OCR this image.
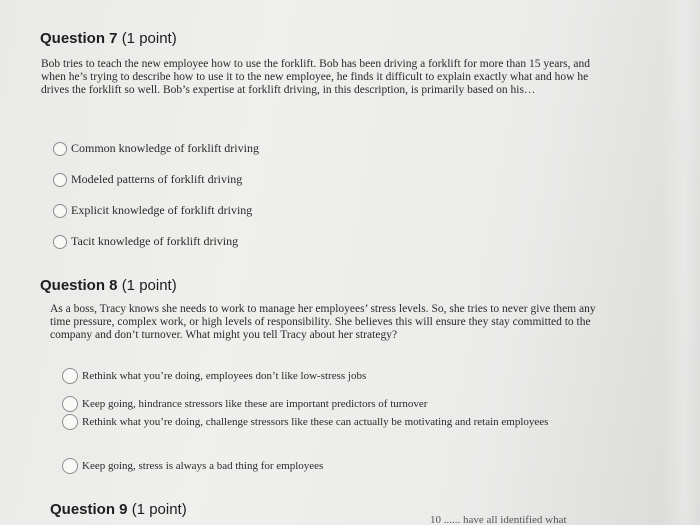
Question 7 (1 point)
Bob tries to teach the new employee how to use the forklift. Bob has been driving a forklift for more than 15 years, and when he’s trying to describe how to use it to the new employee, he finds it difficult to explain exactly what and how he drives the forklift so well. Bob’s expertise at forklift driving, in this description, is primarily based on his…
Common knowledge of forklift driving
Modeled patterns of forklift driving
Explicit knowledge of forklift driving
Tacit knowledge of forklift driving
Question 8 (1 point)
As a boss, Tracy knows she needs to work to manage her employees’ stress levels. So, she tries to never give them any time pressure, complex work, or high levels of responsibility. She believes this will ensure they stay committed to the company and don’t turnover. What might you tell Tracy about her strategy?
Rethink what you’re doing, employees don’t like low-stress jobs
Keep going, hindrance stressors like these are important predictors of turnover
Rethink what you’re doing, challenge stressors like these can actually be motivating and retain employees
Keep going, stress is always a bad thing for employees
Question 9 (1 point)
10 ...... have all identified what
